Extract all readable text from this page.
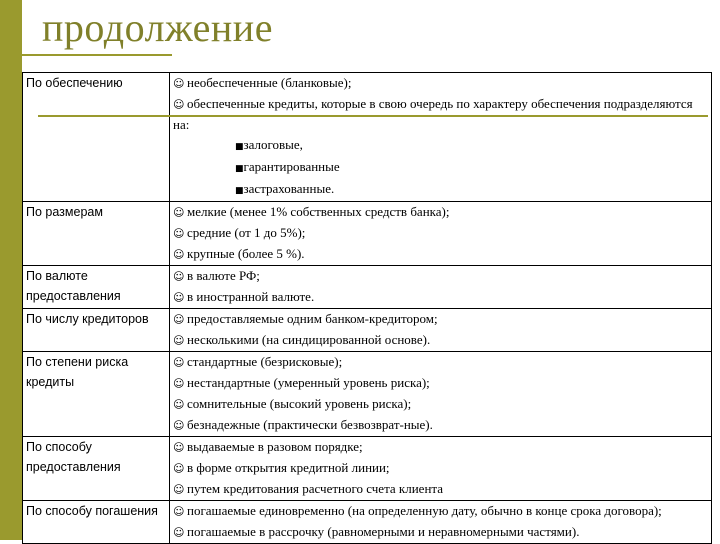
продолжение
По обеспечению	☺ необеспеченные (бланковые);
☺ обеспеченные кредиты, которые в свою очередь по характеру обеспечения подразделяются на:
■залоговые,
■гарантированные
■застрахованные.

По размерам	☺ мелкие (менее 1% собственных средств банка);
☺ средние (от 1 до 5%);
☺ крупные (более 5 %).

По валюте предоставления	☺ в валюте РФ;
☺ в иностранной валюте.

По числу кредиторов	☺ предоставляемые одним банком-кредитором;
☺ несколькими (на синдицированной основе).

По степени риска кредиты	☺ стандартные (безрисковые);
☺ нестандартные (умеренный уровень риска);
☺ сомнительные (высокий уровень риска);
☺ безнадежные (практически безвозврат-ные).

По способу предоставления	☺ выдаваемые в разовом порядке;
☺ в форме открытия кредитной линии;
☺ путем кредитования расчетного счета клиента

По способу погашения	☺ погашаемые единовременно (на определенную дату, обычно в конце срока договора);
☺ погашаемые в рассрочку (равномерными и неравномерными частями).
